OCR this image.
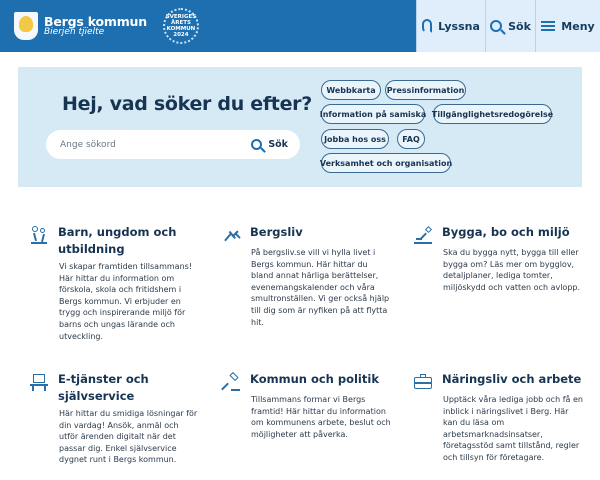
Bergs kommun
Bierjen tjïelte
SVERIGES
ÅRETS
KOMMUN
2024
Lyssna	Sök	Meny
Hej, vad söker du efter?
Ange sökord	Sök
Webbkarta	Pressinformation
Information på samiska Tillgänglighetsredogörelse
Jobba hos oss	FAQ
Verksamhet och organisation
Barn, ungdom och utbildning
Vi skapar framtiden tillsammans! Här hittar du information om förskola, skola och fritidshem i Bergs kommun. Vi erbjuder en trygg och inspirerande miljö för barns och ungas lärande och utveckling.
Bergsliv
På bergsliv.se vill vi hylla livet i Bergs kommun. Här hittar du bland annat härliga berättelser, evenemangskalender och våra smultronställen. Vi ger också hjälp till dig som är nyfiken på att flytta hit.
Bygga, bo och miljö
Ska du bygga nytt, bygga till eller bygga om? Läs mer om bygglov, detaljplaner, lediga tomter, miljöskydd och vatten och avlopp.
E-tjänster och självservice
Här hittar du smidiga lösningar för din vardag! Ansök, anmäl och utför ärenden digitalt när det passar dig. Enkel självservice dygnet runt i Bergs kommun.
Kommun och politik
Tillsammans formar vi Bergs framtid! Här hittar du information om kommunens arbete, beslut och möjligheter att påverka.
Näringsliv och arbete
Upptäck våra lediga jobb och få en inblick i näringslivet i Berg. Här kan du läsa om arbetsmarknadsinsatser, företagsstöd samt tillstånd, regler och tillsyn för företagare.
